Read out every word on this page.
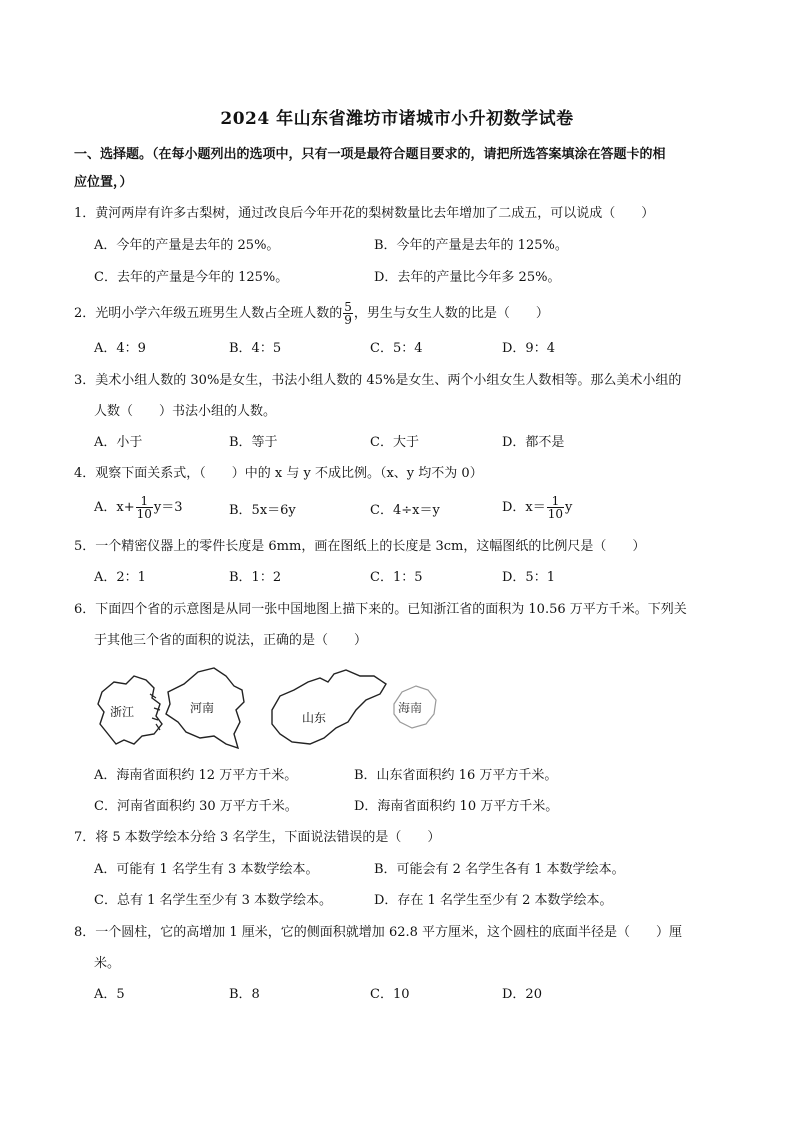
2024 年山东省潍坊市诸城市小升初数学试卷
一、选择题。（在每小题列出的选项中，只有一项是最符合题目要求的，请把所选答案填涂在答题卡的相
应位置，）
1．黄河两岸有许多古梨树，通过改良后今年开花的梨树数量比去年增加了二成五，可以说成（　　）
A．今年的产量是去年的 25%。	B．今年的产量是去年的 125%。
C．去年的产量是今年的 125%。	D．去年的产量比今年多 25%。
2．光明小学六年级五班男生人数占全班人数的 $\frac{5}{9}$ ，男生与女生人数的比是（　　）
A．4：9	B．4：5	C．5：4	D．9：4
3．美术小组人数的 30%是女生，书法小组人数的 45%是女生、两个小组女生人数相等。那么美术小组的
人数（　　）书法小组的人数。
A．小于	B．等于	C．大于	D．都不是
4．观察下面关系式，（　　）中的 x 与 y 不成比例。（x、y 均不为 0）
A．$x+ \frac{1}{10} y=3$	B．5x＝6y	C．4÷x＝y	D．$x= \frac{1}{10}$ y
5．一个精密仪器上的零件长度是 6mm，画在图纸上的长度是 3cm，这幅图纸的比例尺是（　　）
A．2：1	B．1：2	C．1：5	D．5：1
6．下面四个省的示意图是从同一张中国地图上描下来的。已知浙江省的面积为 10.56 万平方千米。下列关
于其他三个省的面积的说法，正确的是（　　）
浙江	河南
山东
海南
A．海南省面积约 12 万平方千米。	B．山东省面积约 16 万平方千米。
C．河南省面积约 30 万平方千米。	D．海南省面积约 10 万平方千米。
7．将 5 本数学绘本分给 3 名学生，下面说法错误的是（　　）
A．可能有 1 名学生有 3 本数学绘本。	B．可能会有 2 名学生各有 1 本数学绘本。
C．总有 1 名学生至少有 3 本数学绘本。	D．存在 1 名学生至少有 2 本数学绘本。
8．一个圆柱，它的高增加 1 厘米，它的侧面积就增加 62.8 平方厘米，这个圆柱的底面半径是（　　）厘
米。
A．5	B．8	C．10	D．20
